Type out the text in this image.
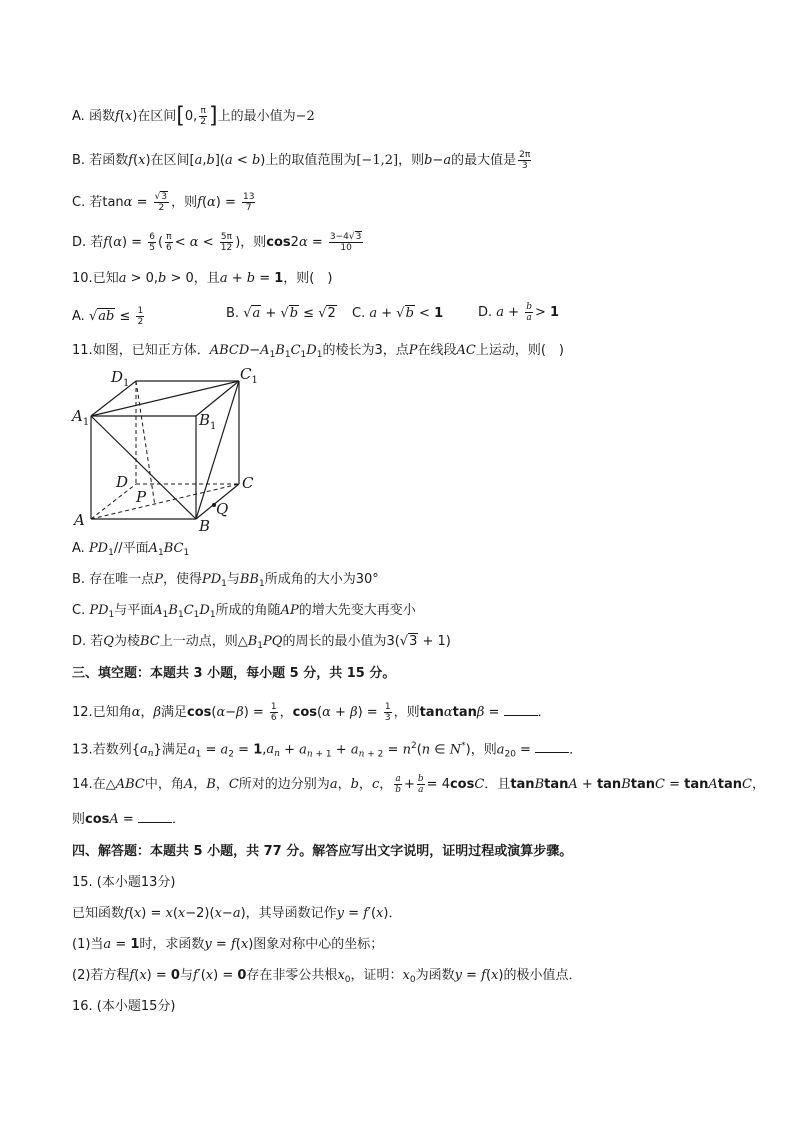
A. 函数f(x)在区间[0, $\frac{\pi}{2}$ ]上的最小值为−2
B. 若函数f(x)在区间[a,b](a < b)上的取值范围为[−1,2]，则b−a的最大值是 $\frac{2\pi}{3}$
C. 若$\tan\alpha = \frac{√3}{2}$ ，则$f(\alpha) = \frac{13}{7}$
D. 若$f(\alpha) = \frac{6}{5}$ ( $\frac{\pi}{6} < \alpha < \frac{5\pi}{12}$ )，则$\cos 2\alpha = \frac{3-4√3}{10}$
10.已知a > 0,b > 0，且a + b = 1，则(　)
A. $√ab \le \frac{1}{2}$	B. √a + √b ≤ √2 C. a + √b < 1	D. $a + \frac{b}{a} > 1$
11.如图，已知正方体．$ABCD-A_1B_1C_1D_1$的棱长为3，点P在线段AC上运动，则(　)
$D_1$
$C_1$
$A_1$	$B_1$
D	C
P
A	B
Q
A. $PD_1//$平面$A_1BC_1$
B. 存在唯一点P，使得$PD_1$与$BB_1$所成角的大小为30°
C. $PD_1$与平面$A_1B_1C_1D_1$所成的角随AP的增大先变大再变小
D. 若Q为棱BC上一动点，则$\triangle B_1PQ$的周长的最小值为3(√3 + 1)
三、填空题：本题共 3 小题，每小题 5 分，共 15 分。
12.已知角α，β满足$\cos(\alpha-\beta) = \frac{1}{6}$ ，$\cos(\alpha + \beta) = \frac{1}{3}$ ，则tanαtanβ =	．
13.若数列$\{a_n\}$满足$a_1 = a_2 = 1,a_n + a_{n + 1} + a_{n + 2} = n^2(n$ ∈ N*)，则$a_{20}$ =	．
14.在△ABC中，角A，B，C所对的边分别为a，b，c， $\frac{a}{b} + \frac{b}{a} = 4\cos C$．且tanBtanA + tanBtanC = tanAtanC，
则cosA =	．
四、解答题：本题共 5 小题，共 77 分。解答应写出文字说明，证明过程或演算步骤。
15. (本小题13分)
已知函数f(x) = x(x−2)(x−a)，其导函数记作y = f′(x)．
(1)当a = 1时，求函数y = f(x)图象对称中心的坐标；
(2)若方程f(x) = 0与f′(x) = 0存在非零公共根$x_0$，证明：$x_0$为函数y = f(x)的极小值点．
16. (本小题15分)
